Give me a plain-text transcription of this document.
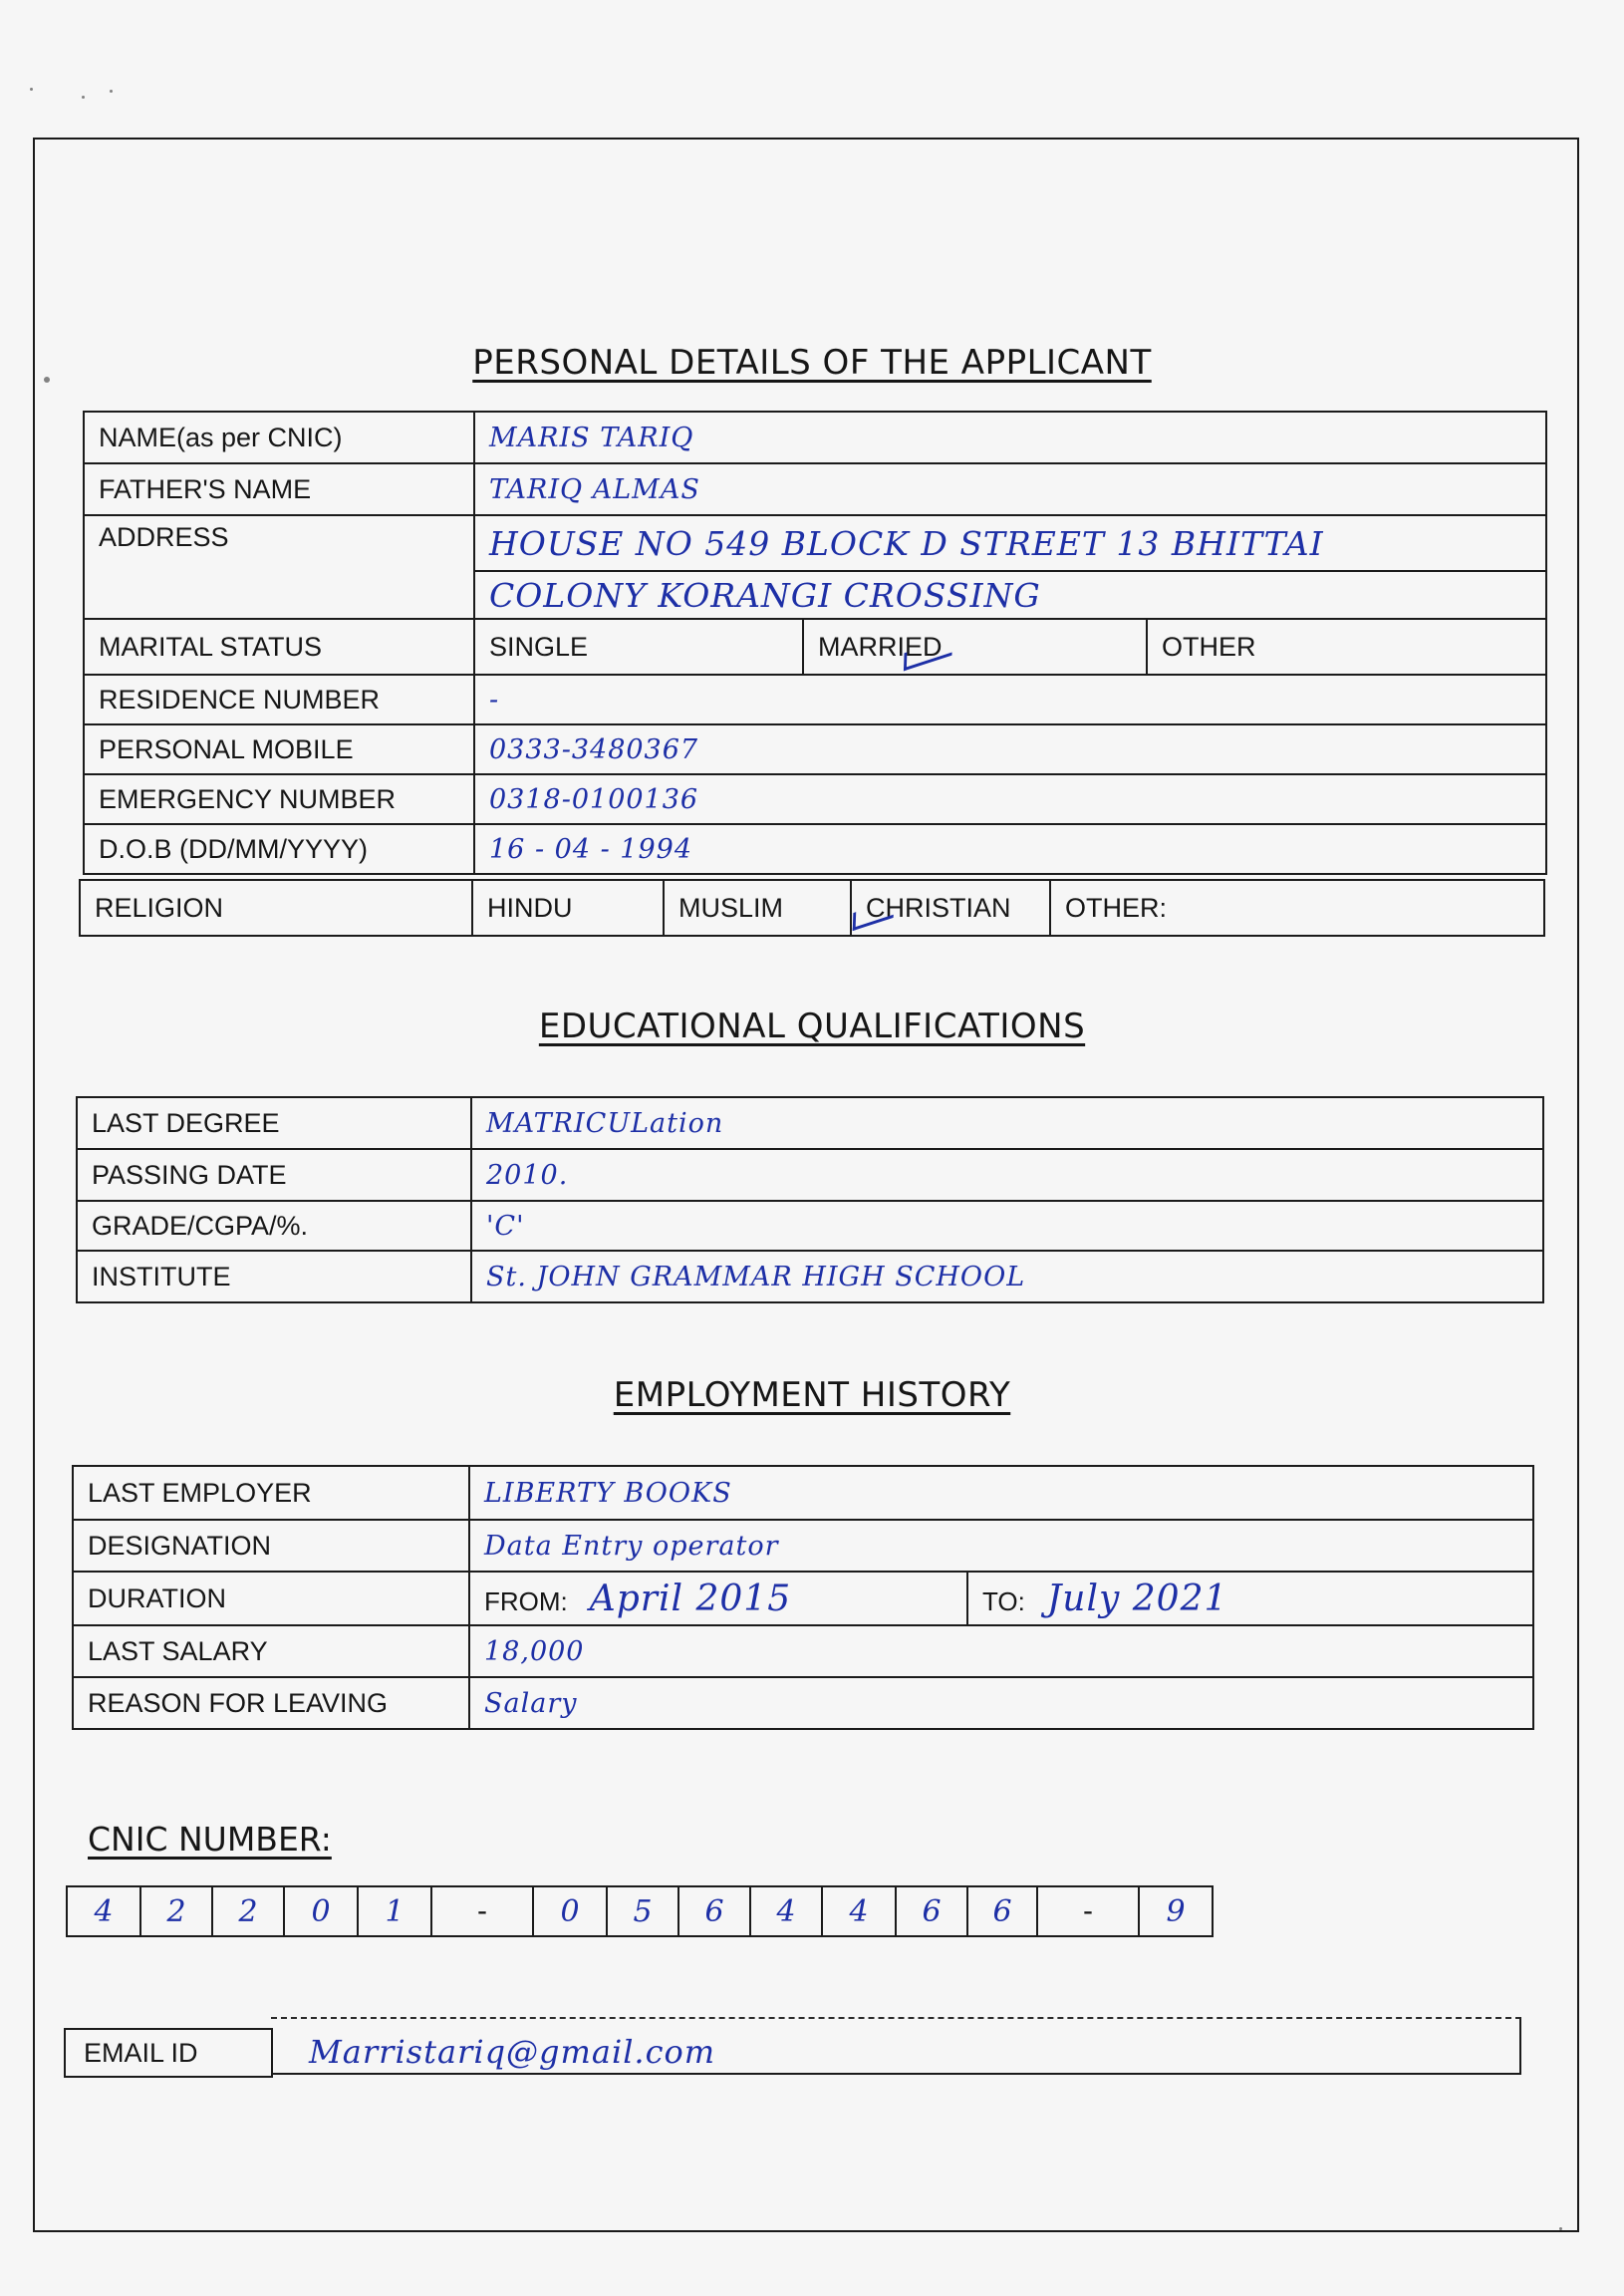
PERSONAL DETAILS OF THE APPLICANT
NAME(as per CNIC)	MARIS TARIQ		
FATHER'S NAME	TARIQ ALMAS		
ADDRESS	HOUSE NO 549 BLOCK D STREET 13 BHITTAI		
	COLONY KORANGI CROSSING		
MARITAL STATUS	SINGLE	MARRIED	OTHER
RESIDENCE NUMBER	-		
PERSONAL MOBILE	0333-3480367		
EMERGENCY NUMBER	0318-0100136		
D.O.B (DD/MM/YYYY)	16 - 04 - 1994		
RELIGION	HINDU	MUSLIM	CHRISTIAN	OTHER:
EDUCATIONAL QUALIFICATIONS
LAST DEGREE	MATRICULation
PASSING DATE	2010.
GRADE/CGPA/%.	'C'
INSTITUTE	St. JOHN GRAMMAR HIGH SCHOOL
EMPLOYMENT HISTORY
LAST EMPLOYER	LIBERTY BOOKS	
DESIGNATION	Data Entry operator	
DURATION	FROM: April 2015	TO: July 2021
LAST SALARY	18,000	
REASON FOR LEAVING	Salary	
CNIC NUMBER:
4	2	2	0	1	-	0	5	6	4	4	6	6	-	9
EMAIL ID	Marristariq@gmail.com
